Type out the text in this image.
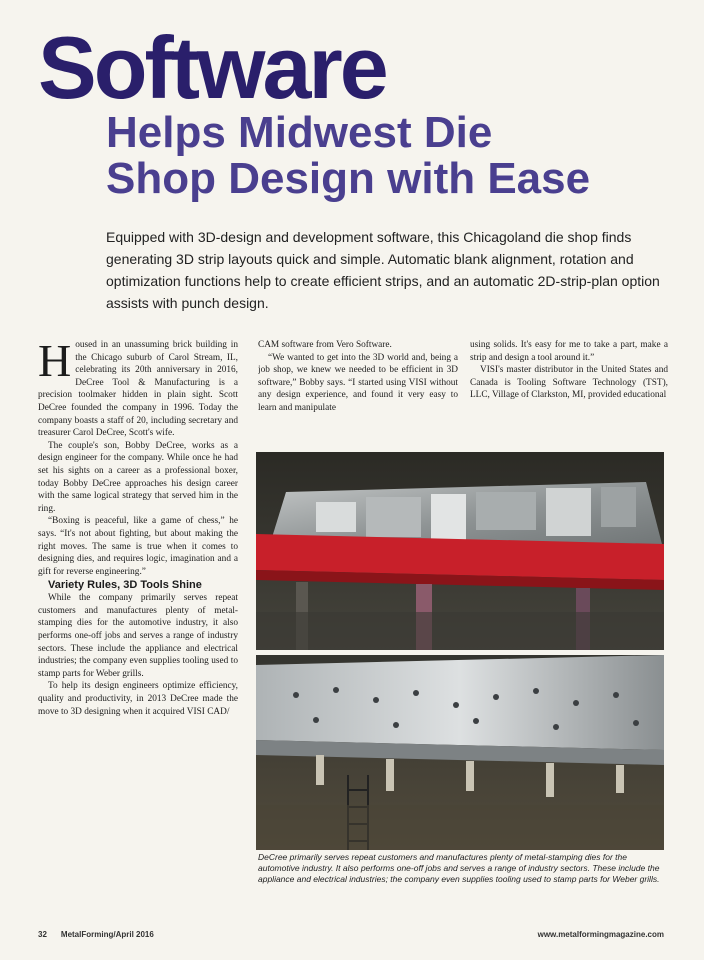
Software
Helps Midwest Die
Shop Design with Ease

Equipped with 3D-design and development software, this Chicagoland die shop finds generating 3D strip layouts quick and simple. Automatic blank alignment, rotation and optimization functions help to create efficient strips, and an automatic 2D-strip-plan option assists with punch design.

Housed in an unassuming brick building in the Chicago suburb of Carol Stream, IL, celebrating its 20th anniversary in 2016, DeCree Tool & Manufacturing is a precision toolmaker hidden in plain sight. Scott DeCree founded the company in 1996. Today the company boasts a staff of 20, including secretary and treasurer Carol DeCree, Scott's wife.

The couple's son, Bobby DeCree, works as a design engineer for the company. While once he had set his sights on a career as a professional boxer, today Bobby DeCree approaches his design career with the same logical strategy that served him in the ring.

“Boxing is peaceful, like a game of chess,” he says. “It's not about fighting, but about making the right moves. The same is true when it comes to designing dies, and requires logic, imagination and a gift for reverse engineering.”

Variety Rules, 3D Tools Shine

While the company primarily serves repeat customers and manufactures plenty of metal-stamping dies for the automotive industry, it also performs one-off jobs and serves a range of industry sectors. These include the appliance and electrical industries; the company even supplies tooling used to stamp parts for Weber grills.

To help its design engineers optimize efficiency, quality and productivity, in 2013 DeCree made the move to 3D designing when it acquired VISI CAD/

CAM software from Vero Software.

“We wanted to get into the 3D world and, being a job shop, we knew we needed to be efficient in 3D software,” Bobby says. “I started using VISI without any design experience, and found it very easy to learn and manipulate

using solids. It's easy for me to take a part, make a strip and design a tool around it.”

VISI's master distributor in the United States and Canada is Tooling Software Technology (TST), LLC, Village of Clarkston, MI, provided educational

DeCree primarily serves repeat customers and manufactures plenty of metal-stamping dies for the automotive industry. It also performs one-off jobs and serves a range of industry sectors. These include the appliance and electrical industries; the company even supplies tooling used to stamp parts for Weber grills.

32 MetalForming/April 2016	www.metalformingmagazine.com
